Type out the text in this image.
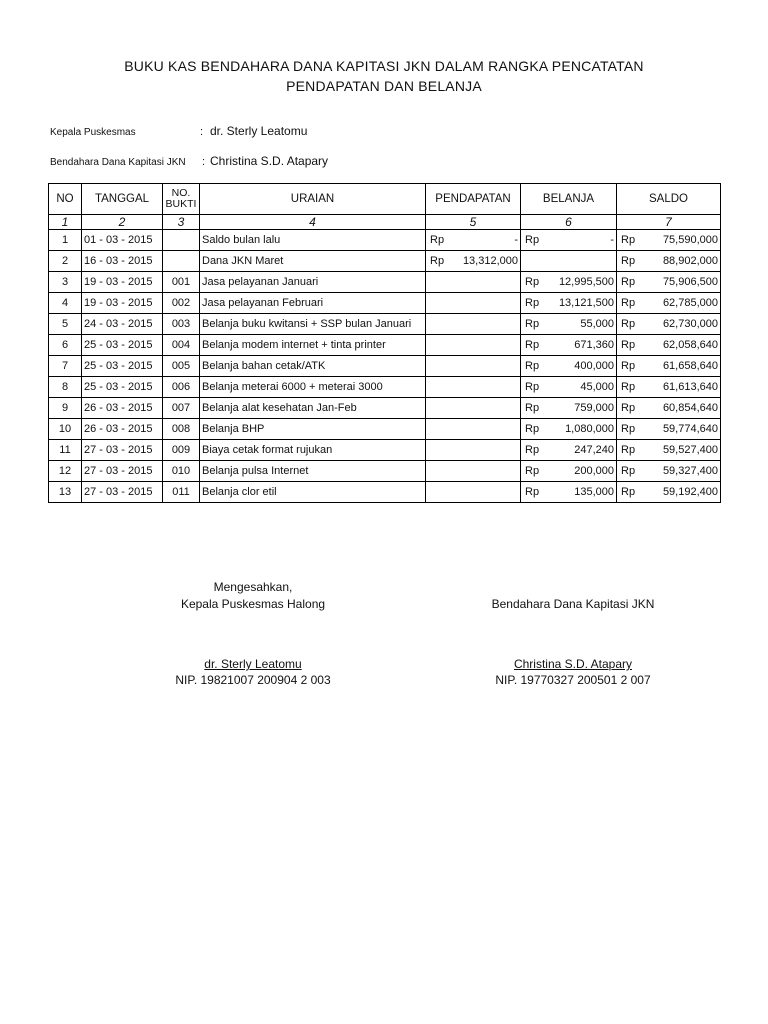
BUKU KAS BENDAHARA DANA KAPITASI JKN DALAM RANGKA PENCATATAN
PENDAPATAN DAN BELANJA
Kepala Puskesmas	: dr. Sterly Leatomu
Bendahara Dana Kapitasi JKN : Christina S.D. Atapary
NO	TANGGAL	NO.
BUKTI	URAIAN	PENDAPATAN	BELANJA	SALDO
1	2	3	4	5	6	7
1	01 - 03 - 2015		Saldo bulan lalu	Rp -	Rp -	Rp 75,590,000

2	16 - 03 - 2015		Dana JKN Maret	Rp 13,312,000		Rp 88,902,000

3	19 - 03 - 2015	001	Jasa pelayanan Januari		Rp 12,995,500	Rp 75,906,500

4	19 - 03 - 2015	002	Jasa pelayanan Februari		Rp 13,121,500	Rp 62,785,000

5	24 - 03 - 2015	003	Belanja buku kwitansi + SSP bulan Januari		Rp 55,000	Rp 62,730,000

6	25 - 03 - 2015	004	Belanja modem internet + tinta printer		Rp 671,360	Rp 62,058,640

7	25 - 03 - 2015	005	Belanja bahan cetak/ATK		Rp 400,000	Rp 61,658,640

8	25 - 03 - 2015	006	Belanja meterai 6000 + meterai 3000		Rp 45,000	Rp 61,613,640

9	26 - 03 - 2015	007	Belanja alat kesehatan Jan-Feb		Rp 759,000	Rp 60,854,640

10	26 - 03 - 2015	008	Belanja BHP		Rp 1,080,000	Rp 59,774,640

11	27 - 03 - 2015	009	Biaya cetak format rujukan		Rp 247,240	Rp 59,527,400

12	27 - 03 - 2015	010	Belanja pulsa Internet		Rp 200,000	Rp 59,327,400

13	27 - 03 - 2015	011	Belanja clor etil		Rp 135,000	Rp 59,192,400
Mengesahkan,
Kepala Puskesmas Halong	Bendahara Dana Kapitasi JKN
dr. Sterly Leatomu
NIP. 19821007 200904 2 003
Christina S.D. Atapary
NIP. 19770327 200501 2 007
